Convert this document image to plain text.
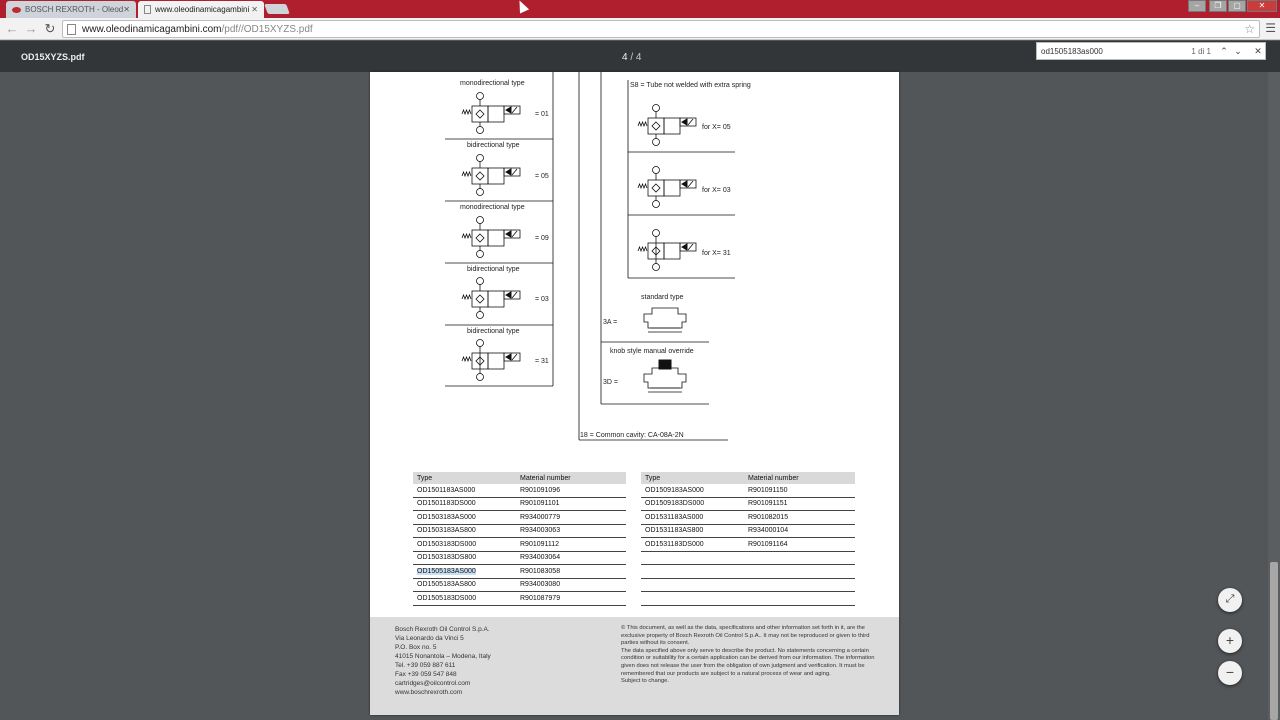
BOSCH REXROTH - Oleod ✕	www.oleodinamicagambini ✕	–	❐	▢	✕
← → ↻	www.oleodinamicagambini.com /pdf//OD15XYZS.pdf	☆ ☰
OD15XYZS.pdf	4 / 4
od1505183as000	1 di 1	⌃ ⌄	✕
monodirectional type
= 01
bidirectional type
= 05
monodirectional type
= 09
bidirectional type
= 03
bidirectional type
= 31
S8 = Tube not welded with extra spring
for X= 05
for X= 03
for X= 31
standard type
3A =
knob style manual override
3D =
18 = Common cavity: CA-08A-2N
Type	Material number
OD1501183AS000	R901091096
OD1501183DS000	R901091101
OD1503183AS000	R934000779
OD1503183AS800	R934003063
OD1503183DS000	R901091112
OD1503183DS800	R934003064
OD1505183AS000	R901083058
OD1505183AS800	R934003080
OD1505183DS000	R901087979
Type	Material number
OD1509183AS000	R901091150
OD1509183DS000	R901091151
OD1531183AS000	R901082015
OD1531183AS800	R934000104
OD1531183DS000	R901091164
Bosch Rexroth Oil Control S.p.A.
Via Leonardo da Vinci 5
P.O. Box no. 5
41015 Nonantola – Modena, Italy
Tel. +39 059 887 611
Fax +39 059 547 848
cartridges@oilcontrol.com
www.boschrexroth.com
© This document, as well as the data, specifications and other information set forth in it, are the exclusive property of Bosch Rexroth Oil Control S.p.A.. It may not be reproduced or given to third parties without its consent.
The data specified above only serve to describe the product. No statements concerning a certain condition or suitability for a certain application can be derived from our information. The information given does not release the user from the obligation of own judgment and verification. It must be remembered that our products are subject to a natural process of wear and aging.
Subject to change.
⤢
+
−
